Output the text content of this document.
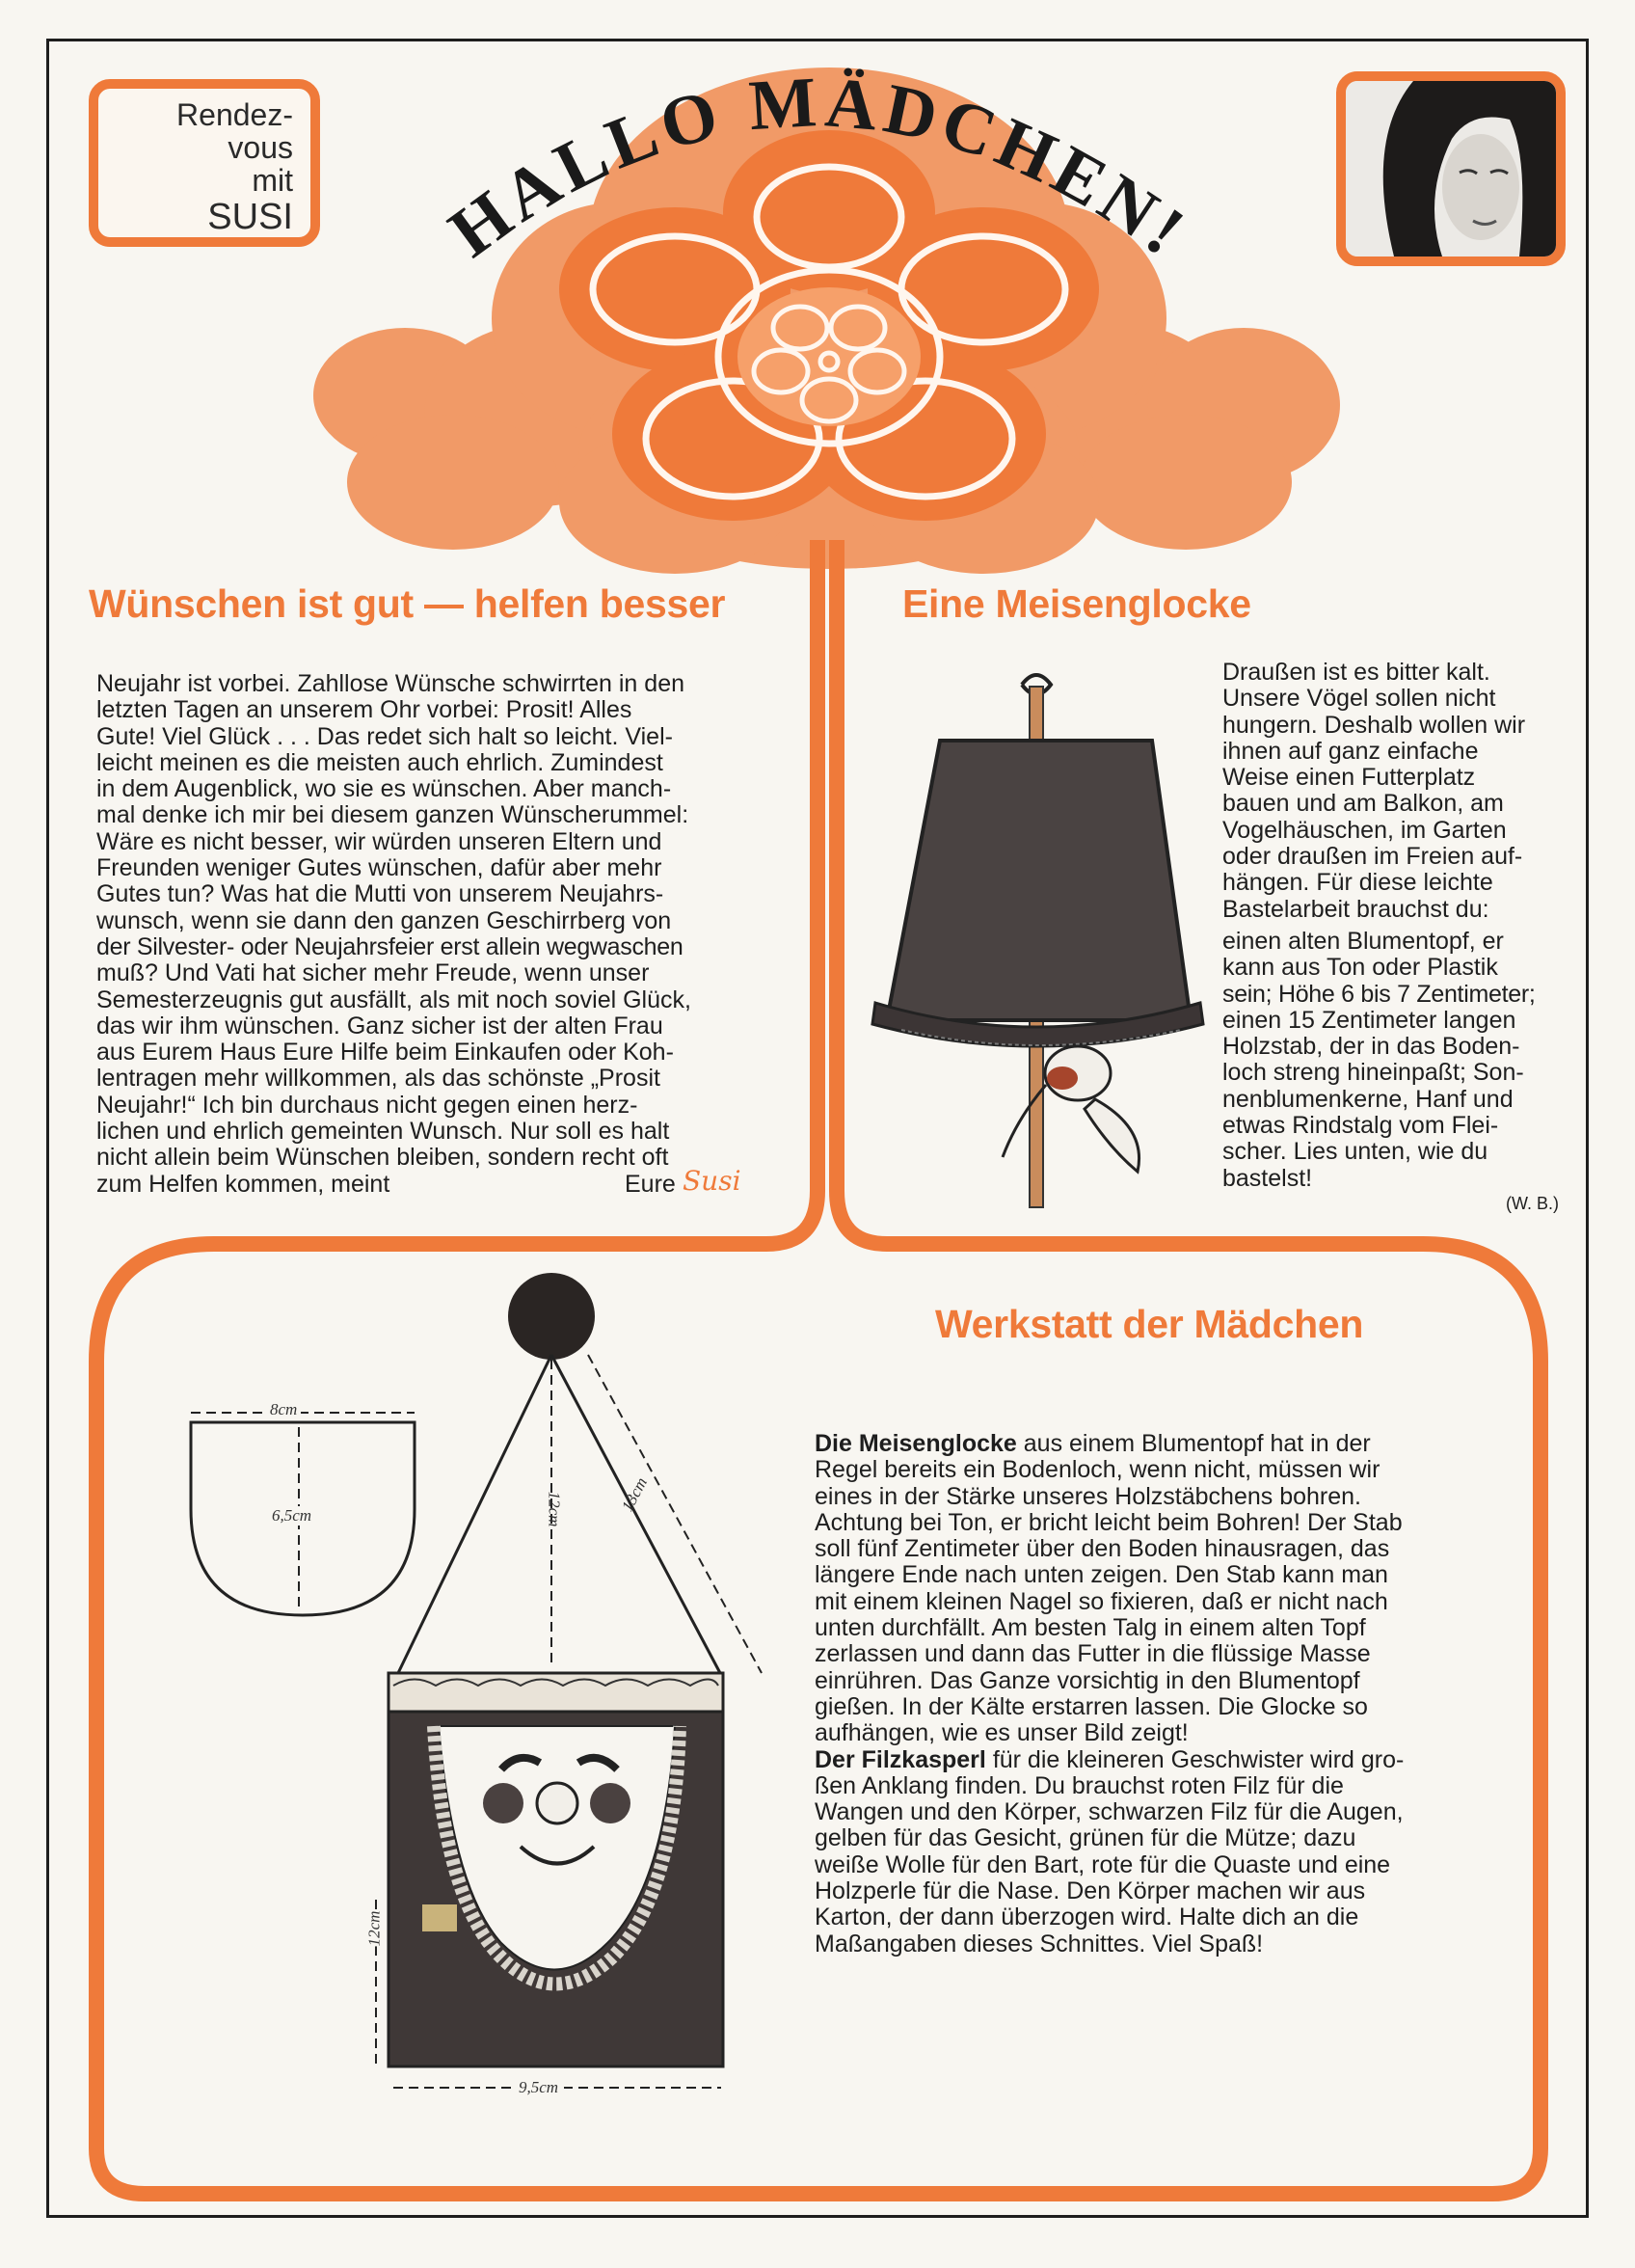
Rendez-
vous
mit
SUSI HALLO MÄDCHEN!
Wünschen ist gut — helfen besser

Neujahr ist vorbei. Zahllose Wünsche schwirrten in den

letzten Tagen an unserem Ohr vorbei: Prosit! Alles

Gute! Viel Glück . . . Das redet sich halt so leicht. Viel-

leicht meinen es die meisten auch ehrlich. Zumindest

in dem Augenblick, wo sie es wünschen. Aber manch-

mal denke ich mir bei diesem ganzen Wünscherummel:

Wäre es nicht besser, wir würden unseren Eltern und

Freunden weniger Gutes wünschen, dafür aber mehr

Gutes tun? Was hat die Mutti von unserem Neujahrs-

wunsch, wenn sie dann den ganzen Geschirrberg von

der Silvester- oder Neujahrsfeier erst allein wegwaschen

muß? Und Vati hat sicher mehr Freude, wenn unser

Semesterzeugnis gut ausfällt, als mit noch soviel Glück,

das wir ihm wünschen. Ganz sicher ist der alten Frau

aus Eurem Haus Eure Hilfe beim Einkaufen oder Koh-

lentragen mehr willkommen, als das schönste „Prosit

Neujahr!“ Ich bin durchaus nicht gegen einen herz-

lichen und ehrlich gemeinten Wunsch. Nur soll es halt

nicht allein beim Wünschen bleiben, sondern recht oft

zum Helfen kommen, meint	Eure Susi
Eine Meisenglocke

Draußen ist es bitter kalt.

Unsere Vögel sollen nicht

hungern. Deshalb wollen wir

ihnen auf ganz einfache

Weise einen Futterplatz

bauen und am Balkon, am

Vogelhäuschen, im Garten

oder draußen im Freien auf-

hängen. Für diese leichte

Bastelarbeit brauchst du:

einen alten Blumentopf, er

kann aus Ton oder Plastik

sein; Höhe 6 bis 7 Zentimeter;

einen 15 Zentimeter langen

Holzstab, der in das Boden-

loch streng hineinpaßt; Son-

nenblumenkerne, Hanf und

etwas Rindstalg vom Flei-

scher. Lies unten, wie du

bastelst!

(W. B.)
8cm
6,5cm	12cm	13cm
12cm
9,5cm
Werkstatt der Mädchen

Die Meisenglocke aus einem Blumentopf hat in der

Regel bereits ein Bodenloch, wenn nicht, müssen wir

eines in der Stärke unseres Holzstäbchens bohren.

Achtung bei Ton, er bricht leicht beim Bohren! Der Stab

soll fünf Zentimeter über den Boden hinausragen, das

längere Ende nach unten zeigen. Den Stab kann man

mit einem kleinen Nagel so fixieren, daß er nicht nach

unten durchfällt. Am besten Talg in einem alten Topf

zerlassen und dann das Futter in die flüssige Masse

einrühren. Das Ganze vorsichtig in den Blumentopf

gießen. In der Kälte erstarren lassen. Die Glocke so

aufhängen, wie es unser Bild zeigt!

Der Filzkasperl für die kleineren Geschwister wird gro-

ßen Anklang finden. Du brauchst roten Filz für die

Wangen und den Körper, schwarzen Filz für die Augen,

gelben für das Gesicht, grünen für die Mütze; dazu

weiße Wolle für den Bart, rote für die Quaste und eine

Holzperle für die Nase. Den Körper machen wir aus

Karton, der dann überzogen wird. Halte dich an die

Maßangaben dieses Schnittes. Viel Spaß!
